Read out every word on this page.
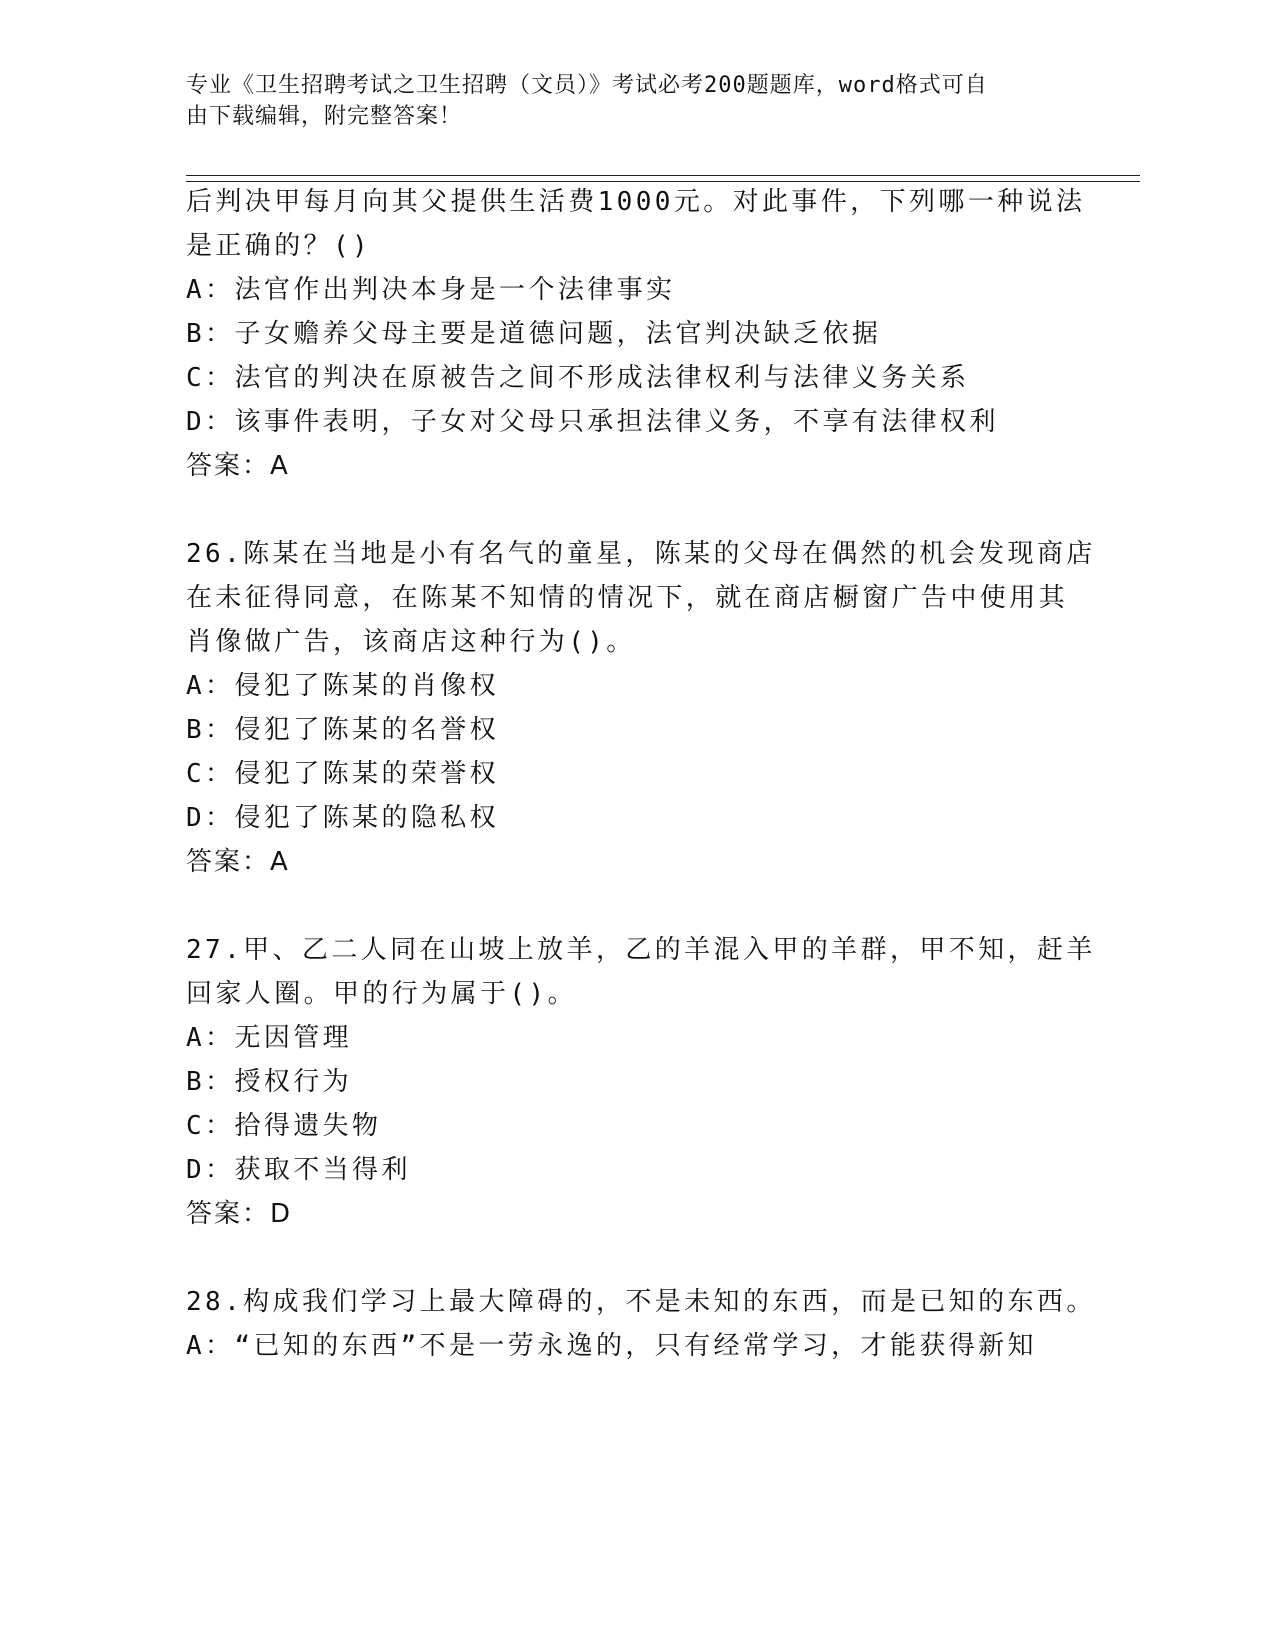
专业《卫生招聘考试之卫生招聘（文员）》考试必考200题题库，word格式可自
由下载编辑，附完整答案！
后判决甲每月向其父提供生活费1000元。对此事件，下列哪一种说法
是正确的？()
A：法官作出判决本身是一个法律事实
B：子女赡养父母主要是道德问题，法官判决缺乏依据
C：法官的判决在原被告之间不形成法律权利与法律义务关系
D：该事件表明，子女对父母只承担法律义务，不享有法律权利
答案：A
26.陈某在当地是小有名气的童星，陈某的父母在偶然的机会发现商店
在未征得同意，在陈某不知情的情况下，就在商店橱窗广告中使用其
肖像做广告，该商店这种行为()。
A：侵犯了陈某的肖像权
B：侵犯了陈某的名誉权
C：侵犯了陈某的荣誉权
D：侵犯了陈某的隐私权
答案：A
27.甲、乙二人同在山坡上放羊，乙的羊混入甲的羊群，甲不知，赶羊
回家人圈。甲的行为属于()。
A：无因管理
B：授权行为
C：拾得遗失物
D：获取不当得利
答案：D
28.构成我们学习上最大障碍的，不是未知的东西，而是已知的东西。
A：“已知的东西”不是一劳永逸的，只有经常学习，才能获得新知
